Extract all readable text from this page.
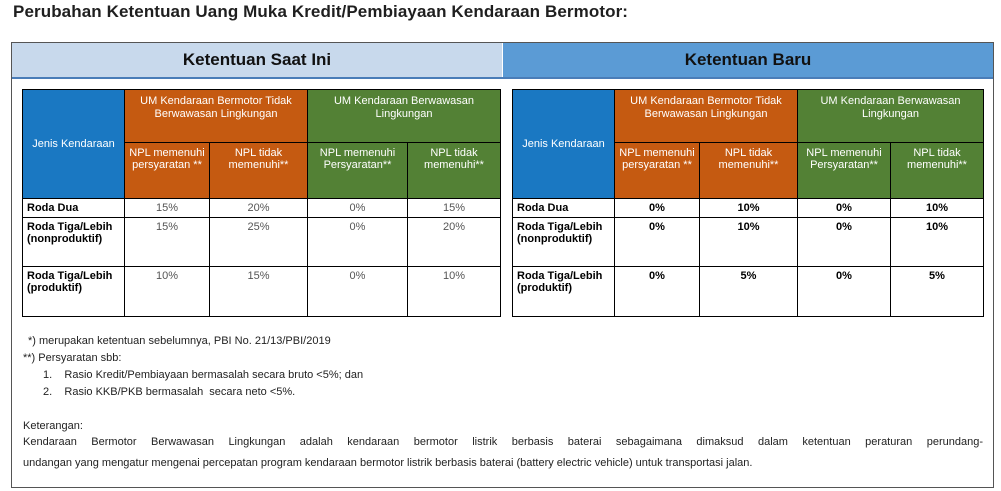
Perubahan Ketentuan Uang Muka Kredit/Pembiayaan Kendaraan Bermotor:
Ketentuan Saat Ini	Ketentuan Baru
Jenis Kendaraan	UM Kendaraan Bermotor Tidak Berwawasan Lingkungan		UM Kendaraan Berwawasan Lingkungan	
	NPL memenuhi persyaratan **	NPL tidak memenuhi**	NPL memenuhi Persyaratan**	NPL tidak memenuhi**
Roda Dua	15%	20%	0%	15%
Roda Tiga/Lebih (nonproduktif)	15%	25%	0%	20%
Roda Tiga/Lebih (produktif)	10%	15%	0%	10%
Jenis Kendaraan	UM Kendaraan Bermotor Tidak Berwawasan Lingkungan		UM Kendaraan Berwawasan Lingkungan	
	NPL memenuhi persyaratan **	NPL tidak memenuhi**	NPL memenuhi Persyaratan**	NPL tidak memenuhi**
Roda Dua	0%	10%	0%	10%
Roda Tiga/Lebih (nonproduktif)	0%	10%	0%	10%
Roda Tiga/Lebih (produktif)	0%	5%	0%	5%
*) merupakan ketentuan sebelumnya, PBI No. 21/13/PBI/2019
**) Persyaratan sbb:
1.    Rasio Kredit/Pembiayaan bermasalah secara bruto <5%; dan
2.    Rasio KKB/PKB bermasalah  secara neto <5%.

Keterangan:

Kendaraan Bermotor Berwawasan Lingkungan adalah kendaraan bermotor listrik berbasis baterai sebagaimana dimaksud dalam ketentuan peraturan perundang-

undangan yang mengatur mengenai percepatan program kendaraan bermotor listrik berbasis baterai (battery electric vehicle) untuk transportasi jalan.
